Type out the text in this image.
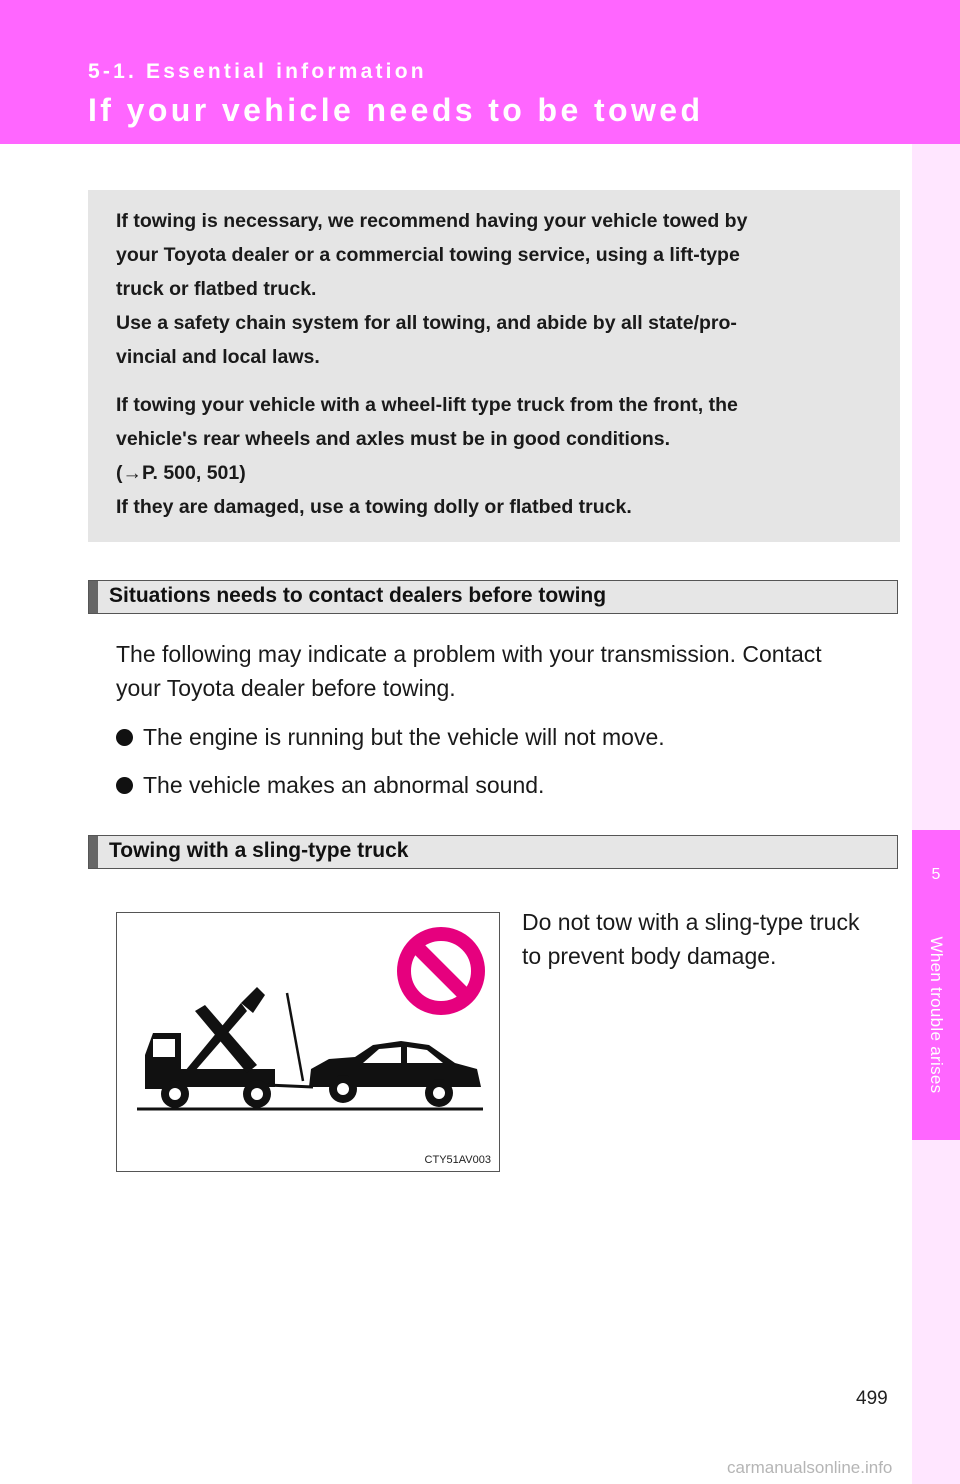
5-1. Essential information
If your vehicle needs to be towed
5
When trouble arises

If towing is necessary, we recommend having your vehicle towed by
your Toyota dealer or a commercial towing service, using a lift-type
truck or flatbed truck.
Use a safety chain system for all towing, and abide by all state/pro-
vincial and local laws.

If towing your vehicle with a wheel-lift type truck from the front, the
vehicle's rear wheels and axles must be in good conditions.
(→P. 500, 501)
If they are damaged, use a towing dolly or flatbed truck.

Situations needs to contact dealers before towing
The following may indicate a problem with your transmission. Contact
your Toyota dealer before towing.
The engine is running but the vehicle will not move.
The vehicle makes an abnormal sound.
Towing with a sling-type truck
Do not tow with a sling-type truck
to prevent body damage.
CTY51AV003
499
carmanualsonline.info
